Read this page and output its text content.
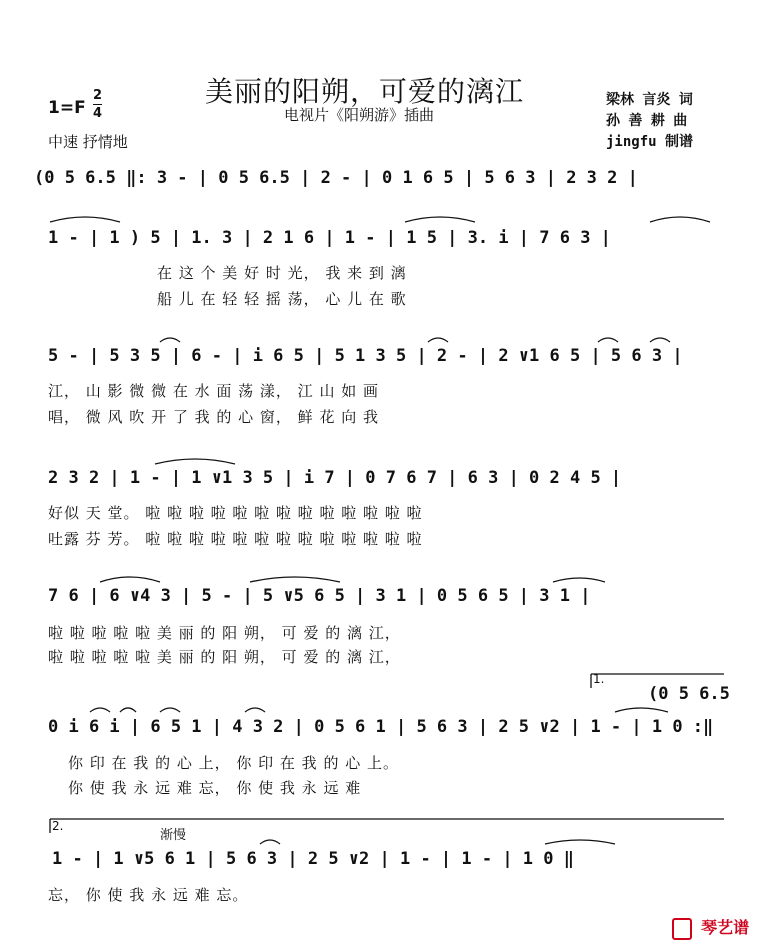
美丽的阳朔，可爱的漓江
电视片《阳朔游》插曲
梁林 言炎 词
孙 善 耕 曲
jingfu 制谱
1=F
2
4
中速 抒情地
(0 5 6.5 ‖: 3 - | 0 5 6.5 | 2 - | 0 1 6 5 | 5 6 3 | 2 3 2 |
1 - | 1 ) 5 | 1. 3 | 2 1 6 | 1 - | 1 5 | 3. i | 7 6 3 |
在 这 个 美 好 时 光， 我 来 到 漓
船 儿 在 轻 轻 摇 荡， 心 儿 在 歌
5 - | 5 3 5 | 6 - | i 6 5 | 5 1 3 5 | 2 - | 2 ∨1 6 5 | 5 6 3 |
江， 山 影 微 微 在 水 面 荡 漾， 江 山 如 画
唱， 微 风 吹 开 了 我 的 心 窗， 鲜 花 向 我
2 3 2 | 1 - | 1 ∨1 3 5 | i 7 | 0 7 6 7 | 6 3 | 0 2 4 5 |
好似 天 堂。 啦 啦 啦 啦 啦 啦 啦 啦 啦 啦 啦 啦 啦
吐露 芬 芳。 啦 啦 啦 啦 啦 啦 啦 啦 啦 啦 啦 啦 啦
7 6 | 6 ∨4 3 | 5 - | 5 ∨5 6 5 | 3 1 | 0 5 6 5 | 3 1 |
啦 啦 啦 啦 啦 美 丽 的 阳 朔， 可 爱 的 漓 江，
啦 啦 啦 啦 啦 美 丽 的 阳 朔， 可 爱 的 漓 江，
1.
(0 5 6.5
0 i 6 i | 6 5 1 | 4 3 2 | 0 5 6 1 | 5 6 3 | 2 5 ∨2 | 1 - | 1 0 :‖
你 印 在 我 的 心 上， 你 印 在 我 的 心 上。
你 使 我 永 远 难 忘， 你 使 我 永 远 难
2.
渐慢
1 - | 1 ∨5 6 1 | 5 6 3 | 2 5 ∨2 | 1 - | 1 - | 1 0 ‖
忘， 你 使 我 永 远 难 忘。
琴艺谱
